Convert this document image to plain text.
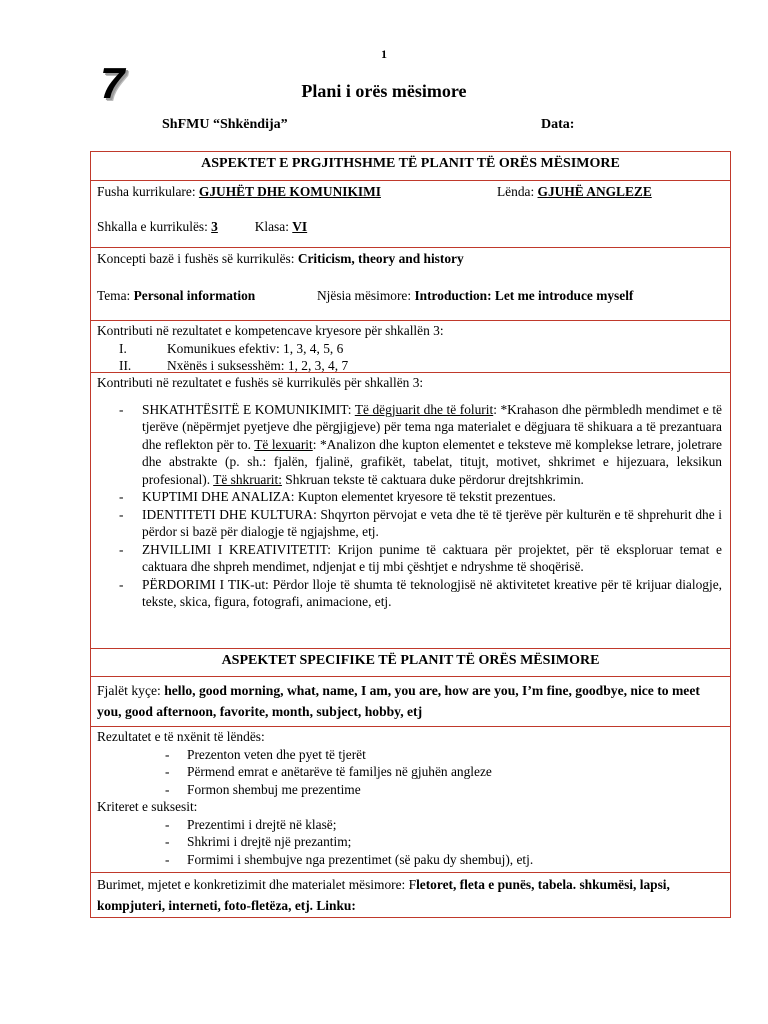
1
7	Plani i orës mësimore
ShFMU “Shkëndija”	Data:
ASPEKTET E PRGJITHSHME TË PLANIT TË ORËS MËSIMORE
Fusha kurrikulare: GJUHËT DHE KOMUNIKIMI	Lënda: GJUHË ANGLEZE
Shkalla e kurrikulës: 3	Klasa: VI
Koncepti bazë i fushës së kurrikulës: Criticism, theory and history
Tema: Personal information	Njësia mësimore: Introduction: Let me introduce myself
Kontributi në rezultatet e kompetencave kryesore për shkallën 3:
I.	Komunikues efektiv: 1, 3, 4, 5, 6
II.	Nxënës i suksesshëm: 1, 2, 3, 4, 7
Kontributi në rezultatet e fushës së kurrikulës për shkallën 3:
-	SHKATHTËSITË E KOMUNIKIMIT: Të dëgjuarit dhe të folurit: *Krahason dhe përmbledh mendimet e të tjerëve (nëpërmjet pyetjeve dhe përgjigjeve) për tema nga materialet e dëgjuara të shikuara a të prezantuara dhe reflekton për to. Të lexuarit: *Analizon dhe kupton elementet e teksteve më komplekse letrare, joletrare dhe abstrakte (p. sh.: fjalën, fjalinë, grafikët, tabelat, titujt, motivet, shkrimet e hijezuara, leksikun profesional). Të shkruarit: Shkruan tekste të caktuara duke përdorur drejtshkrimin.
-	KUPTIMI DHE ANALIZA: Kupton elementet kryesore të tekstit prezentues.
-	IDENTITETI DHE KULTURA: Shqyrton përvojat e veta dhe të të tjerëve për kulturën e të shprehurit dhe i përdor si bazë për dialogje të ngjajshme, etj.
-	ZHVILLIMI I KREATIVITETIT: Krijon punime të caktuara për projektet, për të eksploruar temat e caktuara dhe shpreh mendimet, ndjenjat e tij mbi çështjet e ndryshme të shoqërisë.
-	PËRDORIMI I TIK-ut: Përdor lloje të shumta të teknologjisë në aktivitetet kreative për të krijuar dialogje, tekste, skica, figura, fotografi, animacione, etj.
ASPEKTET SPECIFIKE TË PLANIT TË ORËS MËSIMORE
Fjalët kyçe: hello, good morning, what, name, I am, you are, how are you, I’m fine, goodbye, nice to meet you, good afternoon, favorite, month, subject, hobby, etj
Rezultatet e të nxënit të lëndës:
-	Prezenton veten dhe pyet të tjerët
-	Përmend emrat e anëtarëve të familjes në gjuhën angleze
-	Formon shembuj me prezentime
Kriteret e suksesit:
-	Prezentimi i drejtë në klasë;
-	Shkrimi i drejtë një prezantim;
-	Formimi i shembujve nga prezentimet (së paku dy shembuj), etj.
Burimet, mjetet e konkretizimit dhe materialet mësimore: Fletoret, fleta e punës, tabela. shkumësi, lapsi, kompjuteri, interneti, foto-fletëza, etj. Linku:
